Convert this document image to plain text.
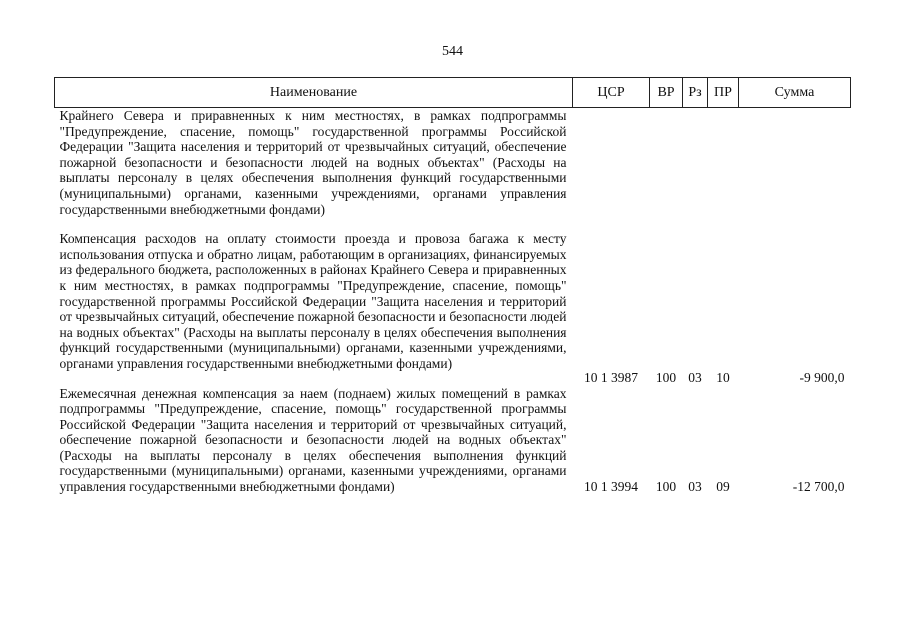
544
Наименование	ЦСР	ВР	Рз	ПР	Сумма
Крайнего Севера и приравненных к ним местностях, в рамках подпрограммы "Предупреждение, спасение, помощь" государственной программы Российской Федерации "Защита населения и территорий от чрезвычайных ситуаций, обеспечение пожарной безопасности и безопасности людей на водных объектах" (Расходы на выплаты персоналу в целях обеспечения выполнения функций государственными (муниципальными) органами, казенными учреждениями, органами управления государственными внебюджетными фондами)					
Компенсация расходов на оплату стоимости проезда и провоза багажа к месту использования отпуска и обратно лицам, работающим в организациях, финансируемых из федерального бюджета, расположенных в районах Крайнего Севера и приравненных к ним местностях, в рамках подпрограммы "Предупреждение, спасение, помощь" государственной программы Российской Федерации "Защита населения и территорий от чрезвычайных ситуаций, обеспечение пожарной безопасности и безопасности людей на водных объектах" (Расходы на выплаты персоналу в целях обеспечения выполнения функций государственными (муниципальными) органами, казенными учреждениями, органами управления государственными внебюджетными фондами)	10 1 3987	100	03	10	-9 900,0
Ежемесячная денежная компенсация за наем (поднаем) жилых помещений в рамках подпрограммы "Предупреждение, спасение, помощь" государственной программы Российской Федерации "Защита населения и территорий от чрезвычайных ситуаций, обеспечение пожарной безопасности и безопасности людей на водных объектах" (Расходы на выплаты персоналу в целях обеспечения выполнения функций государственными (муниципальными) органами, казенными учреждениями, органами управления государственными внебюджетными фондами)	10 1 3994	100	03	09	-12 700,0
